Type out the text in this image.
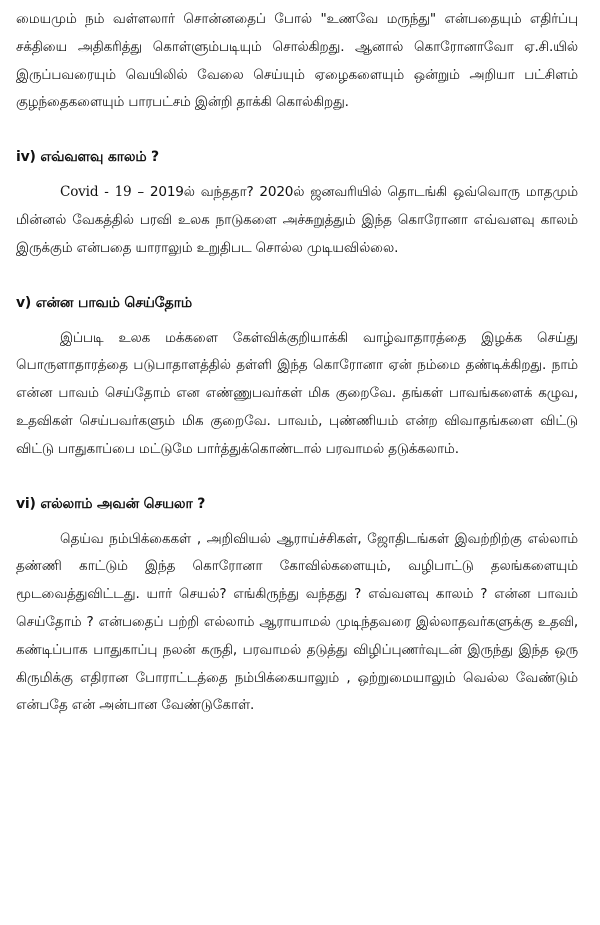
மையமும் நம் வள்ளலார் சொன்னதைப் போல் "உணவே மருந்து" என்பதையும் எதிர்ப்பு சக்தியை அதிகரித்து கொள்ளும்படியும் சொல்கிறது. ஆனால் கொரோனாவோ ஏ.சி.யில் இருப்பவரையும் வெயிலில் வேலை செய்யும் ஏழைகளையும் ஒன்றும் அறியா பட்சிளம் குழந்தைகளையும் பாரபட்சம் இன்றி தாக்கி கொல்கிறது.

iv) எவ்வளவு காலம் ?

Covid - 19 – 2019ல் வந்ததா? 2020ல் ஜனவரியில் தொடங்கி ஒவ்வொரு மாதமும் மின்னல் வேகத்தில் பரவி உலக நாடுகளை அச்சுறுத்தும் இந்த கொரோனா எவ்வளவு காலம் இருக்கும் என்பதை யாராலும் உறுதிபட சொல்ல முடியவில்லை.

v) என்ன பாவம் செய்தோம்

இப்படி உலக மக்களை கேள்விக்குறியாக்கி வாழ்வாதாரத்தை இழக்க செய்து பொருளாதாரத்தை படுபாதாளத்தில் தள்ளி இந்த கொரோனா ஏன் நம்மை தண்டிக்கிறது. நாம் என்ன பாவம் செய்தோம் என எண்ணுபவர்கள் மிக குறைவே. தங்கள் பாவங்களைக் கழுவ, உதவிகள் செய்பவர்களும் மிக குறைவே. பாவம், புண்ணியம் என்ற விவாதங்களை விட்டு விட்டு பாதுகாப்பை மட்டுமே பார்த்துக்கொண்டால் பரவாமல் தடுக்கலாம்.

vi) எல்லாம் அவன் செயலா ?

தெய்வ நம்பிக்கைகள் , அறிவியல் ஆராய்ச்சிகள், ஜோதிடங்கள் இவற்றிற்கு எல்லாம் தண்ணி காட்டும் இந்த கொரோனா கோவில்களையும், வழிபாட்டு தலங்களையும் மூடவைத்துவிட்டது. யார் செயல்? எங்கிருந்து வந்தது ? எவ்வளவு காலம் ? என்ன பாவம் செய்தோம் ? என்பதைப் பற்றி எல்லாம் ஆராயாமல் முடிந்தவரை இல்லாதவர்களுக்கு உதவி, கண்டிப்பாக பாதுகாப்பு நலன் கருதி, பரவாமல் தடுத்து விழிப்புணர்வுடன் இருந்து இந்த ஒரு கிருமிக்கு எதிரான போராட்டத்தை நம்பிக்கையாலும் , ஒற்றுமையாலும் வெல்ல வேண்டும் என்பதே என் அன்பான வேண்டுகோள்.
